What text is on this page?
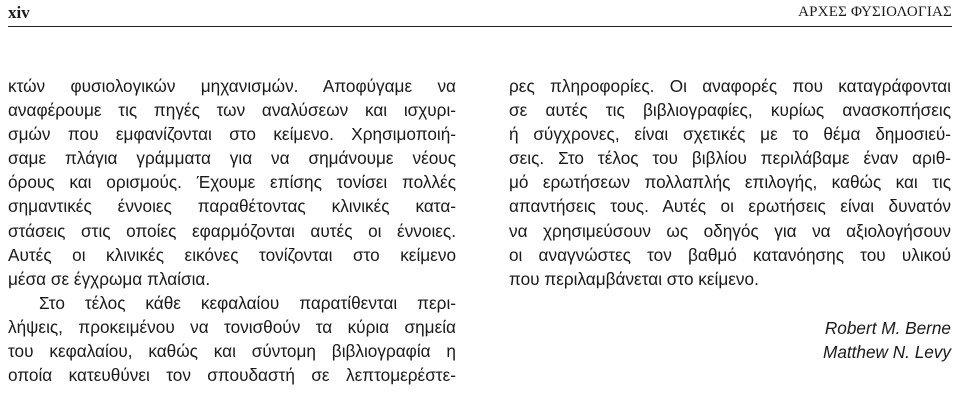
xiv	ΑΡΧΕΣ ΦΥΣΙΟΛΟΓΙΑΣ
κτών φυσιολογικών μηχανισμών. Αποφύγαμε να
αναφέρουμε τις πηγές των αναλύσεων και ισχυρι-
σμών που εμφανίζονται στο κείμενο. Χρησιμοποιή-
σαμε πλάγια γράμματα για να σημάνουμε νέους
όρους και ορισμούς. Έχουμε επίσης τονίσει πολλές
σημαντικές έννοιες παραθέτοντας κλινικές κατα-
στάσεις στις οποίες εφαρμόζονται αυτές οι έννοιες.
Αυτές οι κλινικές εικόνες τονίζονται στο κείμενο
μέσα σε έγχρωμα πλαίσια.
Στο τέλος κάθε κεφαλαίου παρατίθενται περι-
λήψεις, προκειμένου να τονισθούν τα κύρια σημεία
του κεφαλαίου, καθώς και σύντομη βιβλιογραφία η
οποία κατευθύνει τον σπουδαστή σε λεπτομερέστε-
ρες πληροφορίες. Οι αναφορές που καταγράφονται
σε αυτές τις βιβλιογραφίες, κυρίως ανασκοπήσεις
ή σύγχρονες, είναι σχετικές με το θέμα δημοσιεύ-
σεις. Στο τέλος του βιβλίου περιλάβαμε έναν αριθ-
μό ερωτήσεων πολλαπλής επιλογής, καθώς και τις
απαντήσεις τους. Αυτές οι ερωτήσεις είναι δυνατόν
να χρησιμεύσουν ως οδηγός για να αξιολογήσουν
οι αναγνώστες τον βαθμό κατανόησης του υλικού
που περιλαμβάνεται στο κείμενο.
Robert M. Berne
Matthew N. Levy
